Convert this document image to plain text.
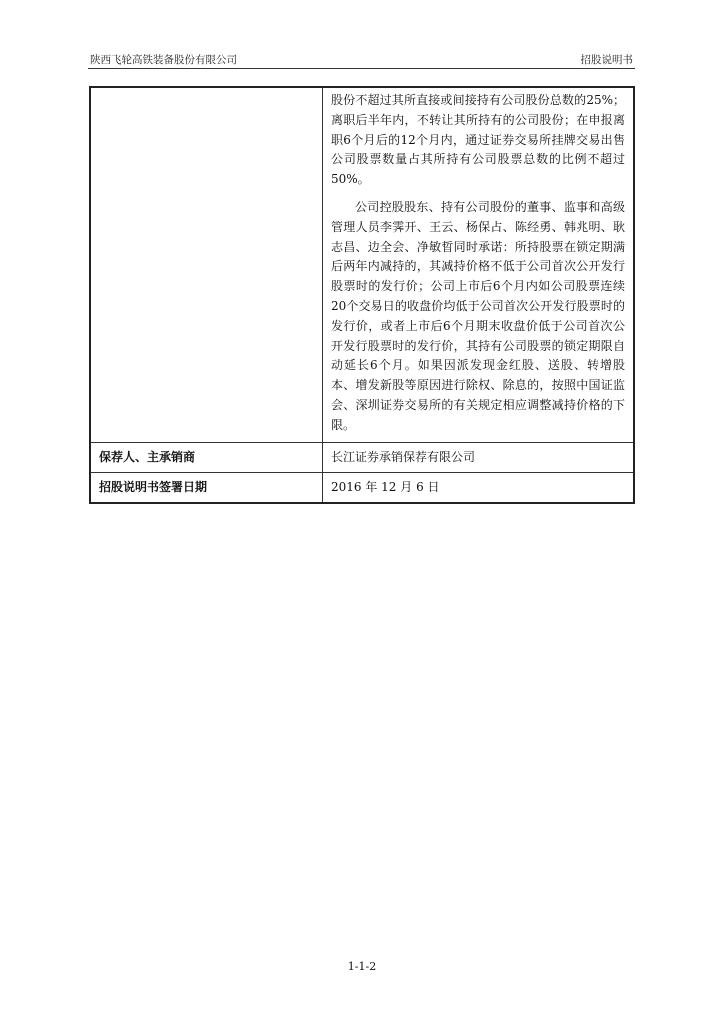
陕西飞轮高铁装备股份有限公司	招股说明书

	股份不超过其所直接或间接持有公司股份总数的25%；离职后半年内，不转让其所持有的公司股份；在申报离职6个月后的12个月内，通过证券交易所挂牌交易出售公司股票数量占其所持有公司股票总数的比例不超过50%。

公司控股股东、持有公司股份的董事、监事和高级管理人员李霁开、王云、杨保占、陈经勇、韩兆明、耿志昌、边全会、净敏晢同时承诺：所持股票在锁定期满后两年内减持的，其减持价格不低于公司首次公开发行股票时的发行价；公司上市后6个月内如公司股票连续20个交易日的收盘价均低于公司首次公开发行股票时的发行价，或者上市后6个月期末收盘价低于公司首次公开发行股票时的发行价，其持有公司股票的锁定期限自动延长6个月。如果因派发现金红股、送股、转增股本、增发新股等原因进行除权、除息的，按照中国证监会、深圳证券交易所的有关规定相应调整减持价格的下限。

保荐人、主承销商	长江证券承销保荐有限公司
招股说明书签署日期	2016 年 12 月 6 日
1-1-2
